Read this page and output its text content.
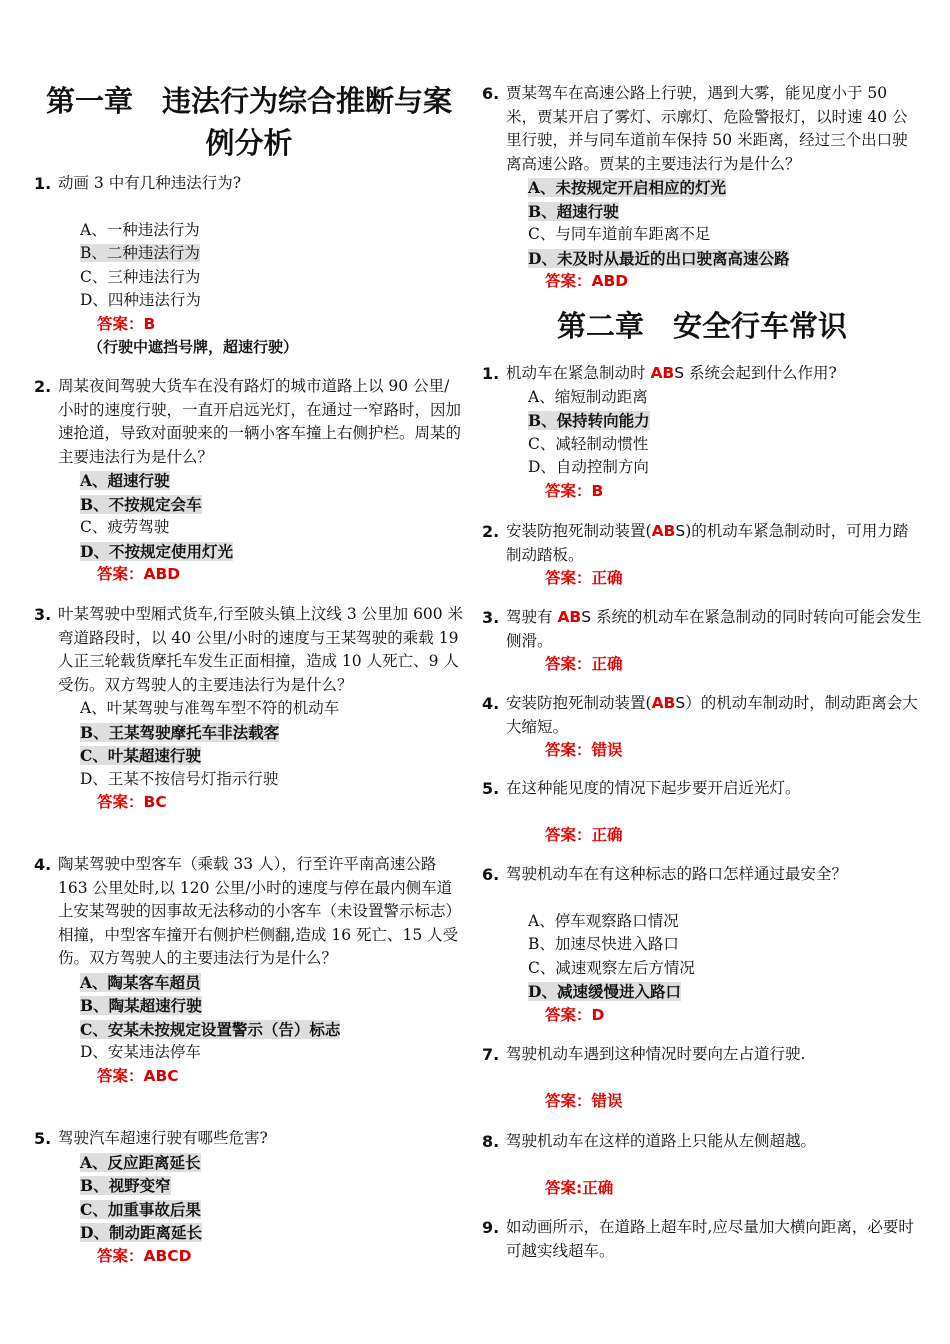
第一章　违法行为综合推断与案
例分析
1. 动画 3 中有几种违法行为?
A、一种违法行为
B、二种违法行为
C、三种违法行为
D、四种违法行为
答案：B
（行驶中遮挡号牌，超速行驶）
2. 周某夜间驾驶大货车在没有路灯的城市道路上以 90 公里/小时的速度行驶，一直开启远光灯，在通过一窄路时，因加速抢道，导致对面驶来的一辆小客车撞上右侧护栏。周某的主要违法行为是什么？
A、超速行驶
B、不按规定会车
C、疲劳驾驶
D、不按规定使用灯光
答案：ABD
3. 叶某驾驶中型厢式货车,行至陂头镇上汶线 3 公里加 600 米弯道路段时，以 40 公里/小时的速度与王某驾驶的乘载 19 人正三轮载货摩托车发生正面相撞，造成 10 人死亡、9 人受伤。双方驾驶人的主要违法行为是什么？
A、叶某驾驶与准驾车型不符的机动车
B、王某驾驶摩托车非法载客
C、叶某超速行驶
D、王某不按信号灯指示行驶
答案：BC
4. 陶某驾驶中型客车（乘载 33 人），行至许平南高速公路 163 公里处时,以 120 公里/小时的速度与停在最内侧车道上安某驾驶的因事故无法移动的小客车（未设置警示标志）相撞，中型客车撞开右侧护栏侧翻,造成 16 死亡、15 人受伤。双方驾驶人的主要违法行为是什么？
A、陶某客车超员
B、陶某超速行驶
C、安某未按规定设置警示（告）标志
D、安某违法停车
答案：ABC
5. 驾驶汽车超速行驶有哪些危害?
A、反应距离延长
B、视野变窄
C、加重事故后果
D、制动距离延长
答案：ABCD
6. 贾某驾车在高速公路上行驶，遇到大雾，能见度小于 50 米，贾某开启了雾灯、示廓灯、危险警报灯，以时速 40 公里行驶，并与同车道前车保持 50 米距离，经过三个出口驶离高速公路。贾某的主要违法行为是什么？
A、未按规定开启相应的灯光
B、超速行驶
C、与同车道前车距离不足
D、未及时从最近的出口驶离高速公路
答案：ABD
第二章　安全行车常识
1. 机动车在紧急制动时 ABS 系统会起到什么作用?
A、缩短制动距离
B、保持转向能力
C、减轻制动惯性
D、自动控制方向
答案：B
2. 安装防抱死制动装置(ABS)的机动车紧急制动时，可用力踏制动踏板。
答案：正确
3. 驾驶有 ABS 系统的机动车在紧急制动的同时转向可能会发生侧滑。
答案：正确
4. 安装防抱死制动装置(ABS）的机动车制动时，制动距离会大大缩短。
答案：错误
5. 在这种能见度的情况下起步要开启近光灯。
答案：正确
6. 驾驶机动车在有这种标志的路口怎样通过最安全？
A、停车观察路口情况
B、加速尽快进入路口
C、减速观察左后方情况
D、减速缓慢进入路口
答案：D
7. 驾驶机动车遇到这种情况时要向左占道行驶.
答案：错误
8. 驾驶机动车在这样的道路上只能从左侧超越。
答案:正确
9. 如动画所示，在道路上超车时,应尽量加大横向距离，必要时可越实线超车。
